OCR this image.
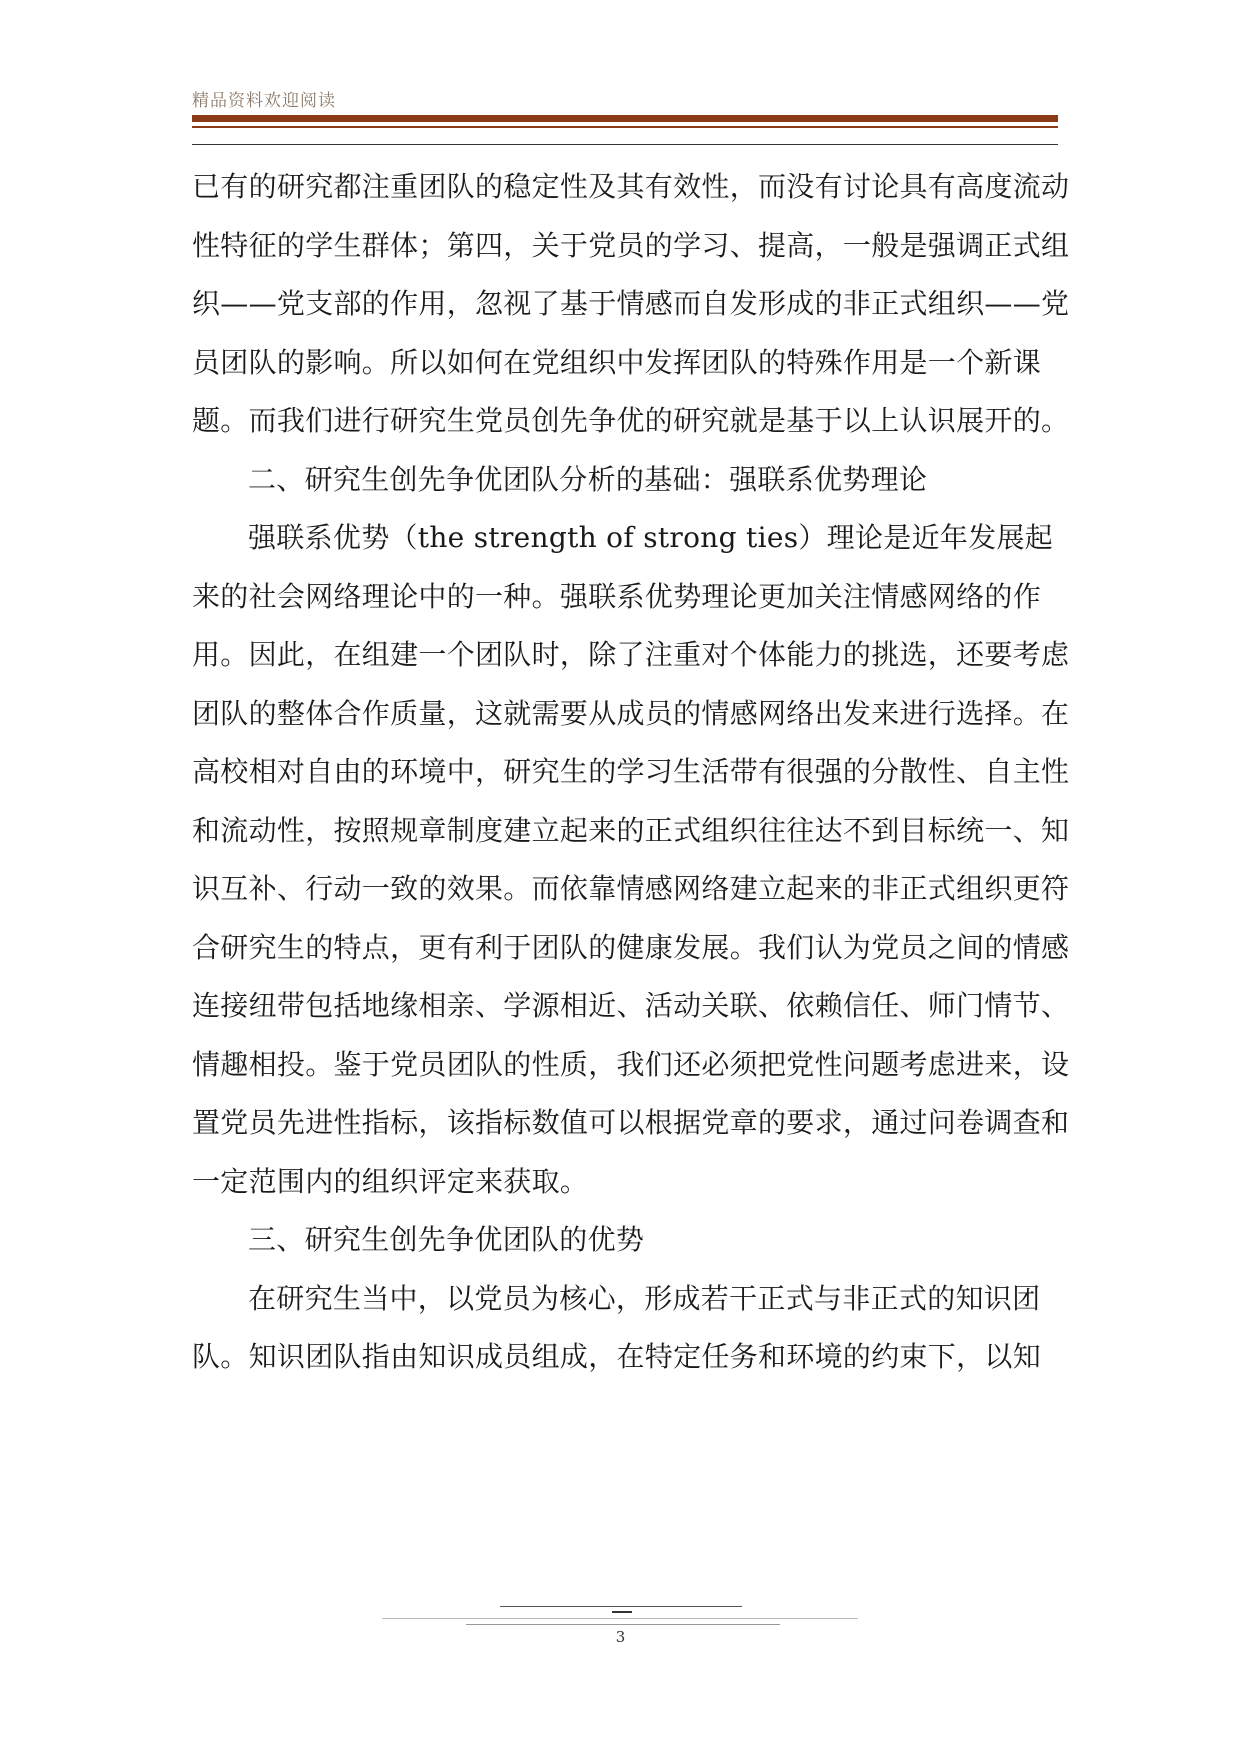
精品资料欢迎阅读

已有的研究都注重团队的稳定性及其有效性，而没有讨论具有高度流动性特征的学生群体；第四，关于党员的学习、提高，一般是强调正式组织——党支部的作用，忽视了基于情感而自发形成的非正式组织——党员团队的影响。所以如何在党组织中发挥团队的特殊作用是一个新课题。而我们进行研究生党员创先争优的研究就是基于以上认识展开的。

二、研究生创先争优团队分析的基础：强联系优势理论

强联系优势（the strength of strong ties）理论是近年发展起来的社会网络理论中的一种。强联系优势理论更加关注情感网络的作用。因此，在组建一个团队时，除了注重对个体能力的挑选，还要考虑团队的整体合作质量，这就需要从成员的情感网络出发来进行选择。在高校相对自由的环境中，研究生的学习生活带有很强的分散性、自主性和流动性，按照规章制度建立起来的正式组织往往达不到目标统一、知识互补、行动一致的效果。而依靠情感网络建立起来的非正式组织更符合研究生的特点，更有利于团队的健康发展。我们认为党员之间的情感连接纽带包括地缘相亲、学源相近、活动关联、依赖信任、师门情节、情趣相投。鉴于党员团队的性质，我们还必须把党性问题考虑进来，设置党员先进性指标，该指标数值可以根据党章的要求，通过问卷调查和一定范围内的组织评定来获取。

三、研究生创先争优团队的优势

在研究生当中，以党员为核心，形成若干正式与非正式的知识团队。知识团队指由知识成员组成，在特定任务和环境的约束下，以知

3
